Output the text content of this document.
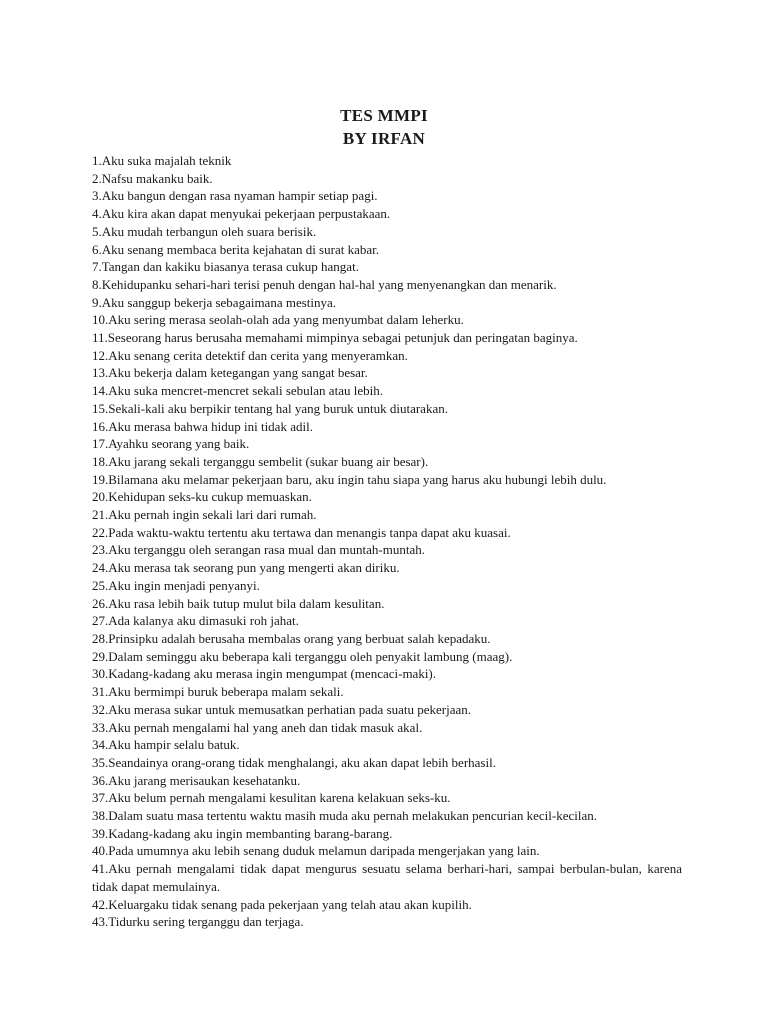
TES MMPI
BY IRFAN
1.Aku suka majalah teknik
2.Nafsu makanku baik.
3.Aku bangun dengan rasa nyaman hampir setiap pagi.
4.Aku kira akan dapat menyukai pekerjaan perpustakaan.
5.Aku mudah terbangun oleh suara berisik.
6.Aku senang membaca berita kejahatan di surat kabar.
7.Tangan dan kakiku biasanya terasa cukup hangat.
8.Kehidupanku sehari-hari terisi penuh dengan hal-hal yang menyenangkan dan menarik.
9.Aku sanggup bekerja sebagaimana mestinya.
10.Aku sering merasa seolah-olah ada yang menyumbat dalam leherku.
11.Seseorang harus berusaha memahami mimpinya sebagai petunjuk dan peringatan baginya.
12.Aku senang cerita detektif dan cerita yang menyeramkan.
13.Aku bekerja dalam ketegangan yang sangat besar.
14.Aku suka mencret-mencret sekali sebulan atau lebih.
15.Sekali-kali aku berpikir tentang hal yang buruk untuk diutarakan.
16.Aku merasa bahwa hidup ini tidak adil.
17.Ayahku seorang yang baik.
18.Aku jarang sekali terganggu sembelit (sukar buang air besar).
19.Bilamana aku melamar pekerjaan baru, aku ingin tahu siapa yang harus aku hubungi lebih dulu.
20.Kehidupan seks-ku cukup memuaskan.
21.Aku pernah ingin sekali lari dari rumah.
22.Pada waktu-waktu tertentu aku tertawa dan menangis tanpa dapat aku kuasai.
23.Aku terganggu oleh serangan rasa mual dan muntah-muntah.
24.Aku merasa tak seorang pun yang mengerti akan diriku.
25.Aku ingin menjadi penyanyi.
26.Aku rasa lebih baik tutup mulut bila dalam kesulitan.
27.Ada kalanya aku dimasuki roh jahat.
28.Prinsipku adalah berusaha membalas orang yang berbuat salah kepadaku.
29.Dalam seminggu aku beberapa kali terganggu oleh penyakit lambung (maag).
30.Kadang-kadang aku merasa ingin mengumpat (mencaci-maki).
31.Aku bermimpi buruk beberapa malam sekali.
32.Aku merasa sukar untuk memusatkan perhatian pada suatu pekerjaan.
33.Aku pernah mengalami hal yang aneh dan tidak masuk akal.
34.Aku hampir selalu batuk.
35.Seandainya orang-orang tidak menghalangi, aku akan dapat lebih berhasil.
36.Aku jarang merisaukan kesehatanku.
37.Aku belum pernah mengalami kesulitan karena kelakuan seks-ku.
38.Dalam suatu masa tertentu waktu masih muda aku pernah melakukan pencurian kecil-kecilan.
39.Kadang-kadang aku ingin membanting barang-barang.
40.Pada umumnya aku lebih senang duduk melamun daripada mengerjakan yang lain.
41.Aku pernah mengalami tidak dapat mengurus sesuatu selama berhari-hari, sampai berbulan-bulan, karena tidak dapat memulainya.
42.Keluargaku tidak senang pada pekerjaan yang telah atau akan kupilih.
43.Tidurku sering terganggu dan terjaga.
